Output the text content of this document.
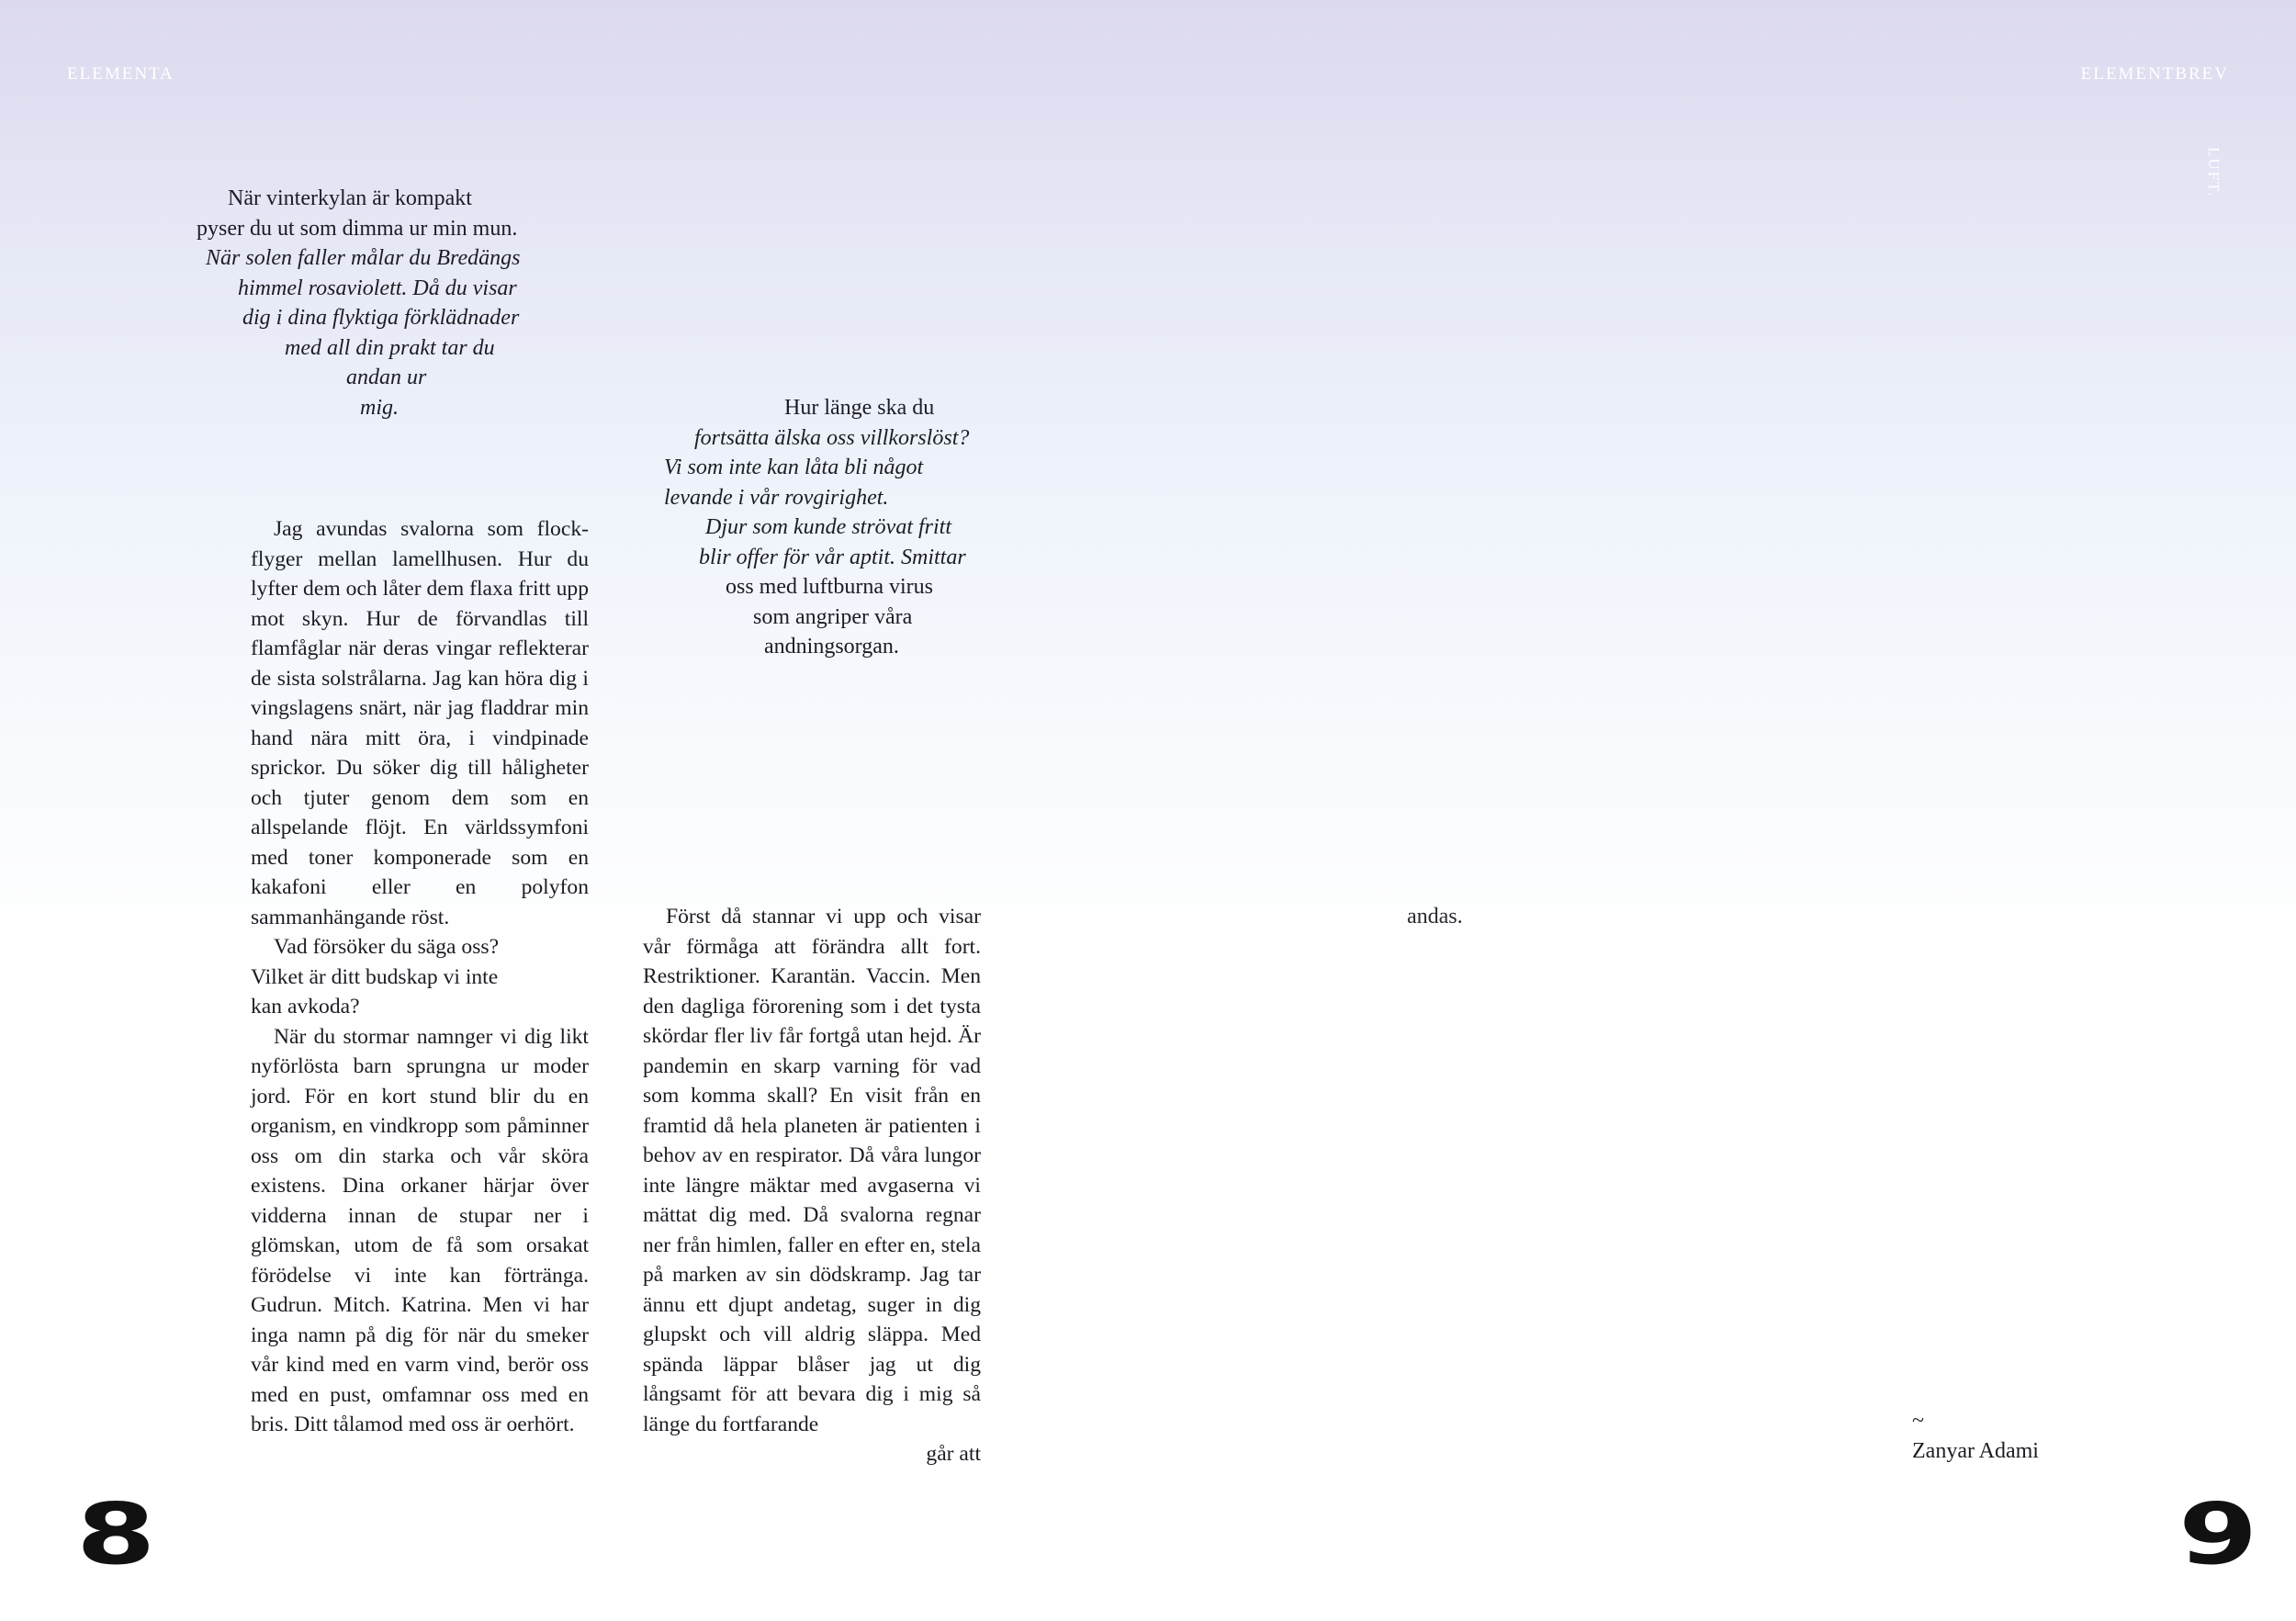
ELEMENTA	ELEMENTBREV
LUFT.
När vinterkylan är kompakt
pyser du ut som dimma ur min mun.
När solen faller målar du Bredängs
himmel rosaviolett. Då du visar
dig i dina flyktiga förklädnader
med all din prakt tar du
andan ur
mig.	Hur länge ska du
fortsätta älska oss villkorslöst?
Vi som inte kan låta bli något
levande i vår rovgirighet.
Djur som kunde strövat fritt
blir offer för vår aptit. Smittar
oss med luftburna virus
som angriper våra
andningsorgan.

Jag avundas svalorna som flockflyger mellan lamellhusen. Hur du lyfter dem och låter dem flaxa fritt upp mot skyn. Hur de förvandlas till flamfåglar när deras vingar reflekterar de sista solstrålarna. Jag kan höra dig i vingslagens snärt, när jag fladdrar min hand nära mitt öra, i vindpinade sprickor. Du söker dig till håligheter och tjuter genom dem som en allspelande flöjt. En världssymfoni med toner komponerade som en kakafoni eller en polyfon sammanhängande röst.

Vad försöker du säga oss?

Vilket är ditt budskap vi inte

kan avkoda?

När du stormar namnger vi dig likt nyförlösta barn sprungna ur moder jord. För en kort stund blir du en organism, en vindkropp som påminner oss om din starka och vår sköra existens. Dina orkaner härjar över vidderna innan de stupar ner i glömskan, utom de få som orsakat förödelse vi inte kan förtränga. Gudrun. Mitch. Katrina. Men vi har inga namn på dig för när du smeker vår kind med en varm vind, berör oss med en pust, omfamnar oss med en bris. Ditt tålamod med oss är oerhört.

Först då stannar vi upp och visar vår förmåga att förändra allt fort. Restriktioner. Karantän. Vaccin. Men den dagliga förorening som i det tysta skördar fler liv får fortgå utan hejd. Är pandemin en skarp varning för vad som komma skall? En visit från en framtid då hela planeten är patienten i behov av en respirator. Då våra lungor inte längre mäktar med avgaserna vi mättat dig med. Då svalorna regnar ner från himlen, faller en efter en, stela på marken av sin dödskramp. Jag tar ännu ett djupt andetag, suger in dig glupskt och vill aldrig släppa. Med spända läppar blåser jag ut dig långsamt för att bevara dig i mig så länge du fortfarande

går att

andas.
~
Zanyar Adami
8	9
